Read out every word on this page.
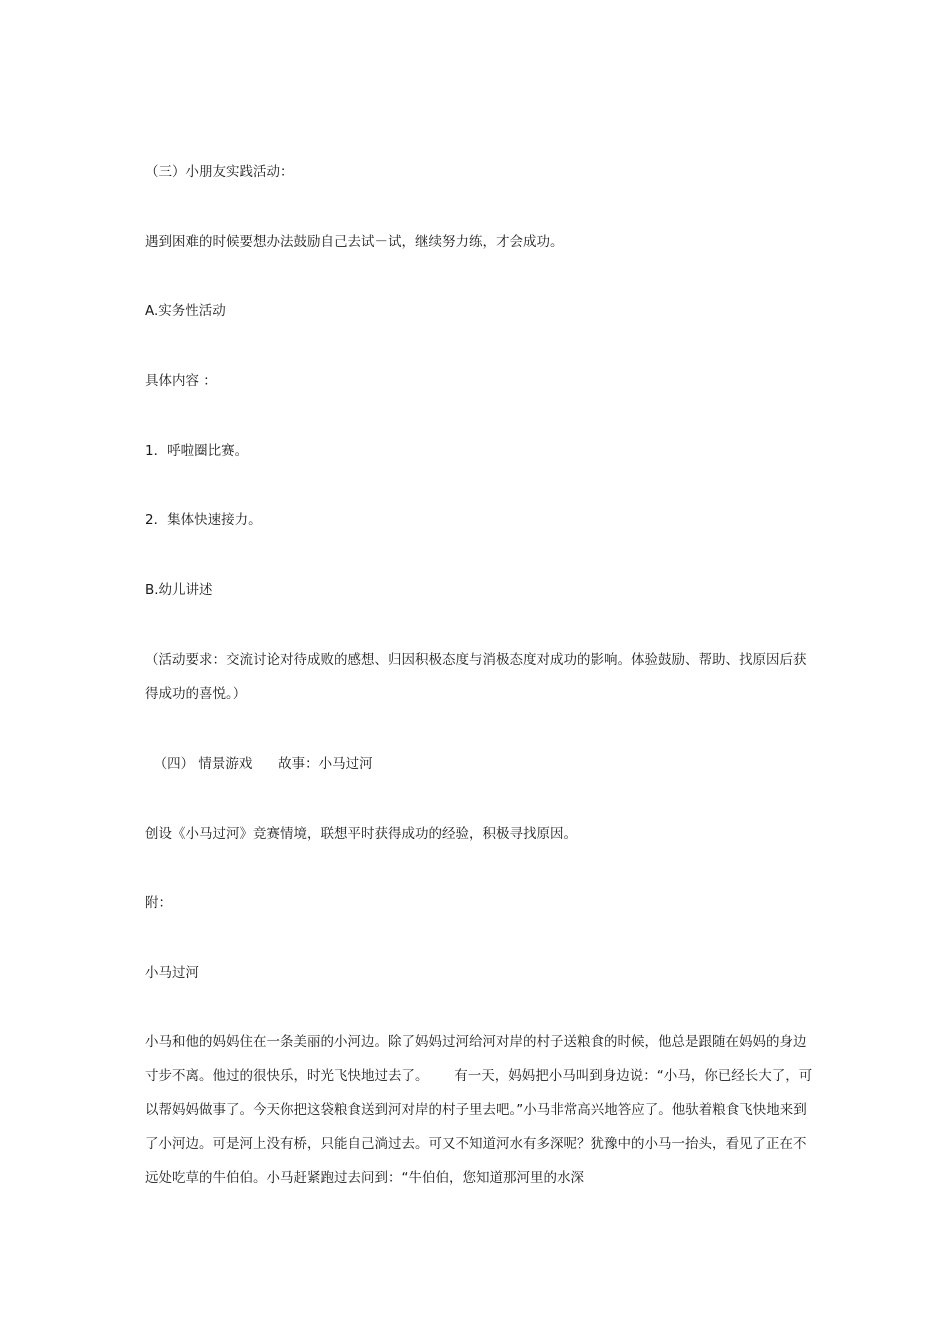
（三）小朋友实践活动：

遇到困难的时候要想办法鼓励自己去试－试，继续努力练，才会成功。

A.实务性活动

具体内容 ：

1．呼啦圈比赛。

2．集体快速接力。

B.幼儿讲述

（活动要求：交流讨论对待成败的感想、归因积极态度与消极态度对成功的影响。体验鼓励、帮助、找原因后获得成功的喜悦。）

（四） 情景游戏      故事：小马过河

创设《小马过河》竞赛情境，联想平时获得成功的经验，积极寻找原因。

附：

小马过河

小马和他的妈妈住在一条美丽的小河边。除了妈妈过河给河对岸的村子送粮食的时候，他总是跟随在妈妈的身边寸步不离。他过的很快乐，时光飞快地过去了。      有一天，妈妈把小马叫到身边说：“小马，你已经长大了，可以帮妈妈做事了。今天你把这袋粮食送到河对岸的村子里去吧。”小马非常高兴地答应了。他驮着粮食飞快地来到了小河边。可是河上没有桥，只能自己淌过去。可又不知道河水有多深呢？犹豫中的小马一抬头，看见了正在不远处吃草的牛伯伯。小马赶紧跑过去问到：“牛伯伯，您知道那河里的水深
